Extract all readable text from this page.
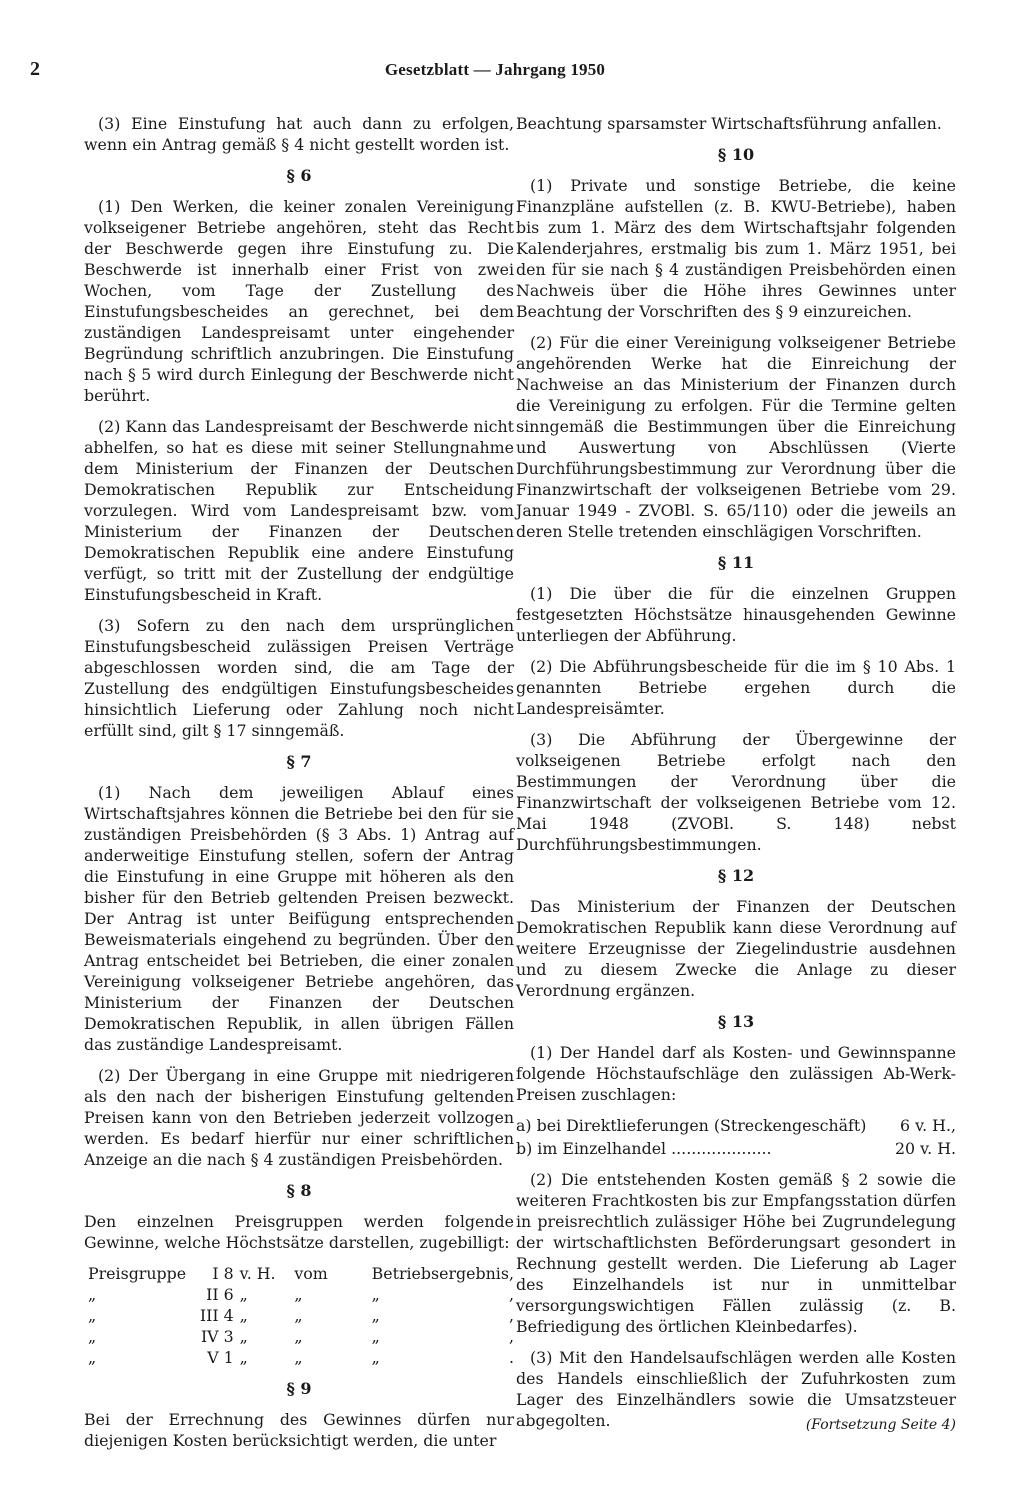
2	Gesetzblatt — Jahrgang 1950

(3) Eine Einstufung hat auch dann zu erfolgen, wenn ein Antrag gemäß § 4 nicht gestellt worden ist.

§ 6

(1) Den Werken, die keiner zonalen Vereinigung volkseigener Betriebe angehören, steht das Recht der Beschwerde gegen ihre Einstufung zu. Die Beschwerde ist innerhalb einer Frist von zwei Wochen, vom Tage der Zustellung des Einstufungsbescheides an gerechnet, bei dem zuständigen Landespreisamt unter eingehender Begründung schriftlich anzubringen. Die Einstufung nach § 5 wird durch Einlegung der Beschwerde nicht berührt.

(2) Kann das Landespreisamt der Beschwerde nicht abhelfen, so hat es diese mit seiner Stellungnahme dem Ministerium der Finanzen der Deutschen Demokratischen Republik zur Entscheidung vorzulegen. Wird vom Landespreisamt bzw. vom Ministerium der Finanzen der Deutschen Demokratischen Republik eine andere Einstufung verfügt, so tritt mit der Zustellung der endgültige Einstufungsbescheid in Kraft.

(3) Sofern zu den nach dem ursprünglichen Einstufungsbescheid zulässigen Preisen Verträge abgeschlossen worden sind, die am Tage der Zustellung des endgültigen Einstufungsbescheides hinsichtlich Lieferung oder Zahlung noch nicht erfüllt sind, gilt § 17 sinngemäß.

§ 7

(1) Nach dem jeweiligen Ablauf eines Wirtschaftsjahres können die Betriebe bei den für sie zuständigen Preisbehörden (§ 3 Abs. 1) Antrag auf anderweitige Einstufung stellen, sofern der Antrag die Einstufung in eine Gruppe mit höheren als den bisher für den Betrieb geltenden Preisen bezweckt. Der Antrag ist unter Beifügung entsprechenden Beweismaterials eingehend zu begründen. Über den Antrag entscheidet bei Betrieben, die einer zonalen Vereinigung volkseigener Betriebe angehören, das Ministerium der Finanzen der Deutschen Demokratischen Republik, in allen übrigen Fällen das zuständige Landespreisamt.

(2) Der Übergang in eine Gruppe mit niedrigeren als den nach der bisherigen Einstufung geltenden Preisen kann von den Betrieben jederzeit vollzogen werden. Es bedarf hierfür nur einer schriftlichen Anzeige an die nach § 4 zuständigen Preisbehörden.

§ 8

Den einzelnen Preisgruppen werden folgende Gewinne, welche Höchstsätze darstellen, zugebilligt:

Preisgruppe	I 8	v. H.	vom	Betriebsergebnis	,
„	II 6	„	„	„	,
„	III 4	„	„	„	,
„	IV 3	„	„	„	,
„	V 1	„	„	„	.
§ 9

Bei der Errechnung des Gewinnes dürfen nur diejenigen Kosten berücksichtigt werden, die unter

Beachtung sparsamster Wirtschaftsführung anfallen.

§ 10

(1) Private und sonstige Betriebe, die keine Finanzpläne aufstellen (z. B. KWU-Betriebe), haben bis zum 1. März des dem Wirtschaftsjahr folgenden Kalenderjahres, erstmalig bis zum 1. März 1951, bei den für sie nach § 4 zuständigen Preisbehörden einen Nachweis über die Höhe ihres Gewinnes unter Beachtung der Vorschriften des § 9 einzureichen.

(2) Für die einer Vereinigung volkseigener Betriebe angehörenden Werke hat die Einreichung der Nachweise an das Ministerium der Finanzen durch die Vereinigung zu erfolgen. Für die Termine gelten sinngemäß die Bestimmungen über die Einreichung und Auswertung von Abschlüssen (Vierte Durchführungsbestimmung zur Verordnung über die Finanzwirtschaft der volkseigenen Betriebe vom 29. Januar 1949 - ZVOBl. S. 65/110) oder die jeweils an deren Stelle tretenden einschlägigen Vorschriften.

§ 11

(1) Die über die für die einzelnen Gruppen festgesetzten Höchstsätze hinausgehenden Gewinne unterliegen der Abführung.

(2) Die Abführungsbescheide für die im § 10 Abs. 1 genannten Betriebe ergehen durch die Landespreisämter.

(3) Die Abführung der Übergewinne der volkseigenen Betriebe erfolgt nach den Bestimmungen der Verordnung über die Finanzwirtschaft der volkseigenen Betriebe vom 12. Mai 1948 (ZVOBl. S. 148) nebst Durchführungsbestimmungen.

§ 12

Das Ministerium der Finanzen der Deutschen Demokratischen Republik kann diese Verordnung auf weitere Erzeugnisse der Ziegelindustrie ausdehnen und zu diesem Zwecke die Anlage zu dieser Verordnung ergänzen.

§ 13

(1) Der Handel darf als Kosten- und Gewinnspanne folgende Höchstaufschläge den zulässigen Ab-Werk-Preisen zuschlagen:

a) bei Direktlieferungen (Streckengeschäft) 6 v. H.,
b) im Einzelhandel ....................	20 v. H.

(2) Die entstehenden Kosten gemäß § 2 sowie die weiteren Frachtkosten bis zur Empfangsstation dürfen in preisrechtlich zulässiger Höhe bei Zugrundelegung der wirtschaftlichsten Beförderungsart gesondert in Rechnung gestellt werden. Die Lieferung ab Lager des Einzelhandels ist nur in unmittelbar versorgungswichtigen Fällen zulässig (z. B. Befriedigung des örtlichen Kleinbedarfes).

(3) Mit den Handelsaufschlägen werden alle Kosten des Handels einschließlich der Zufuhrkosten zum Lager des Einzelhändlers sowie die Umsatzsteuer abgegolten.	(Fortsetzung Seite 4)
